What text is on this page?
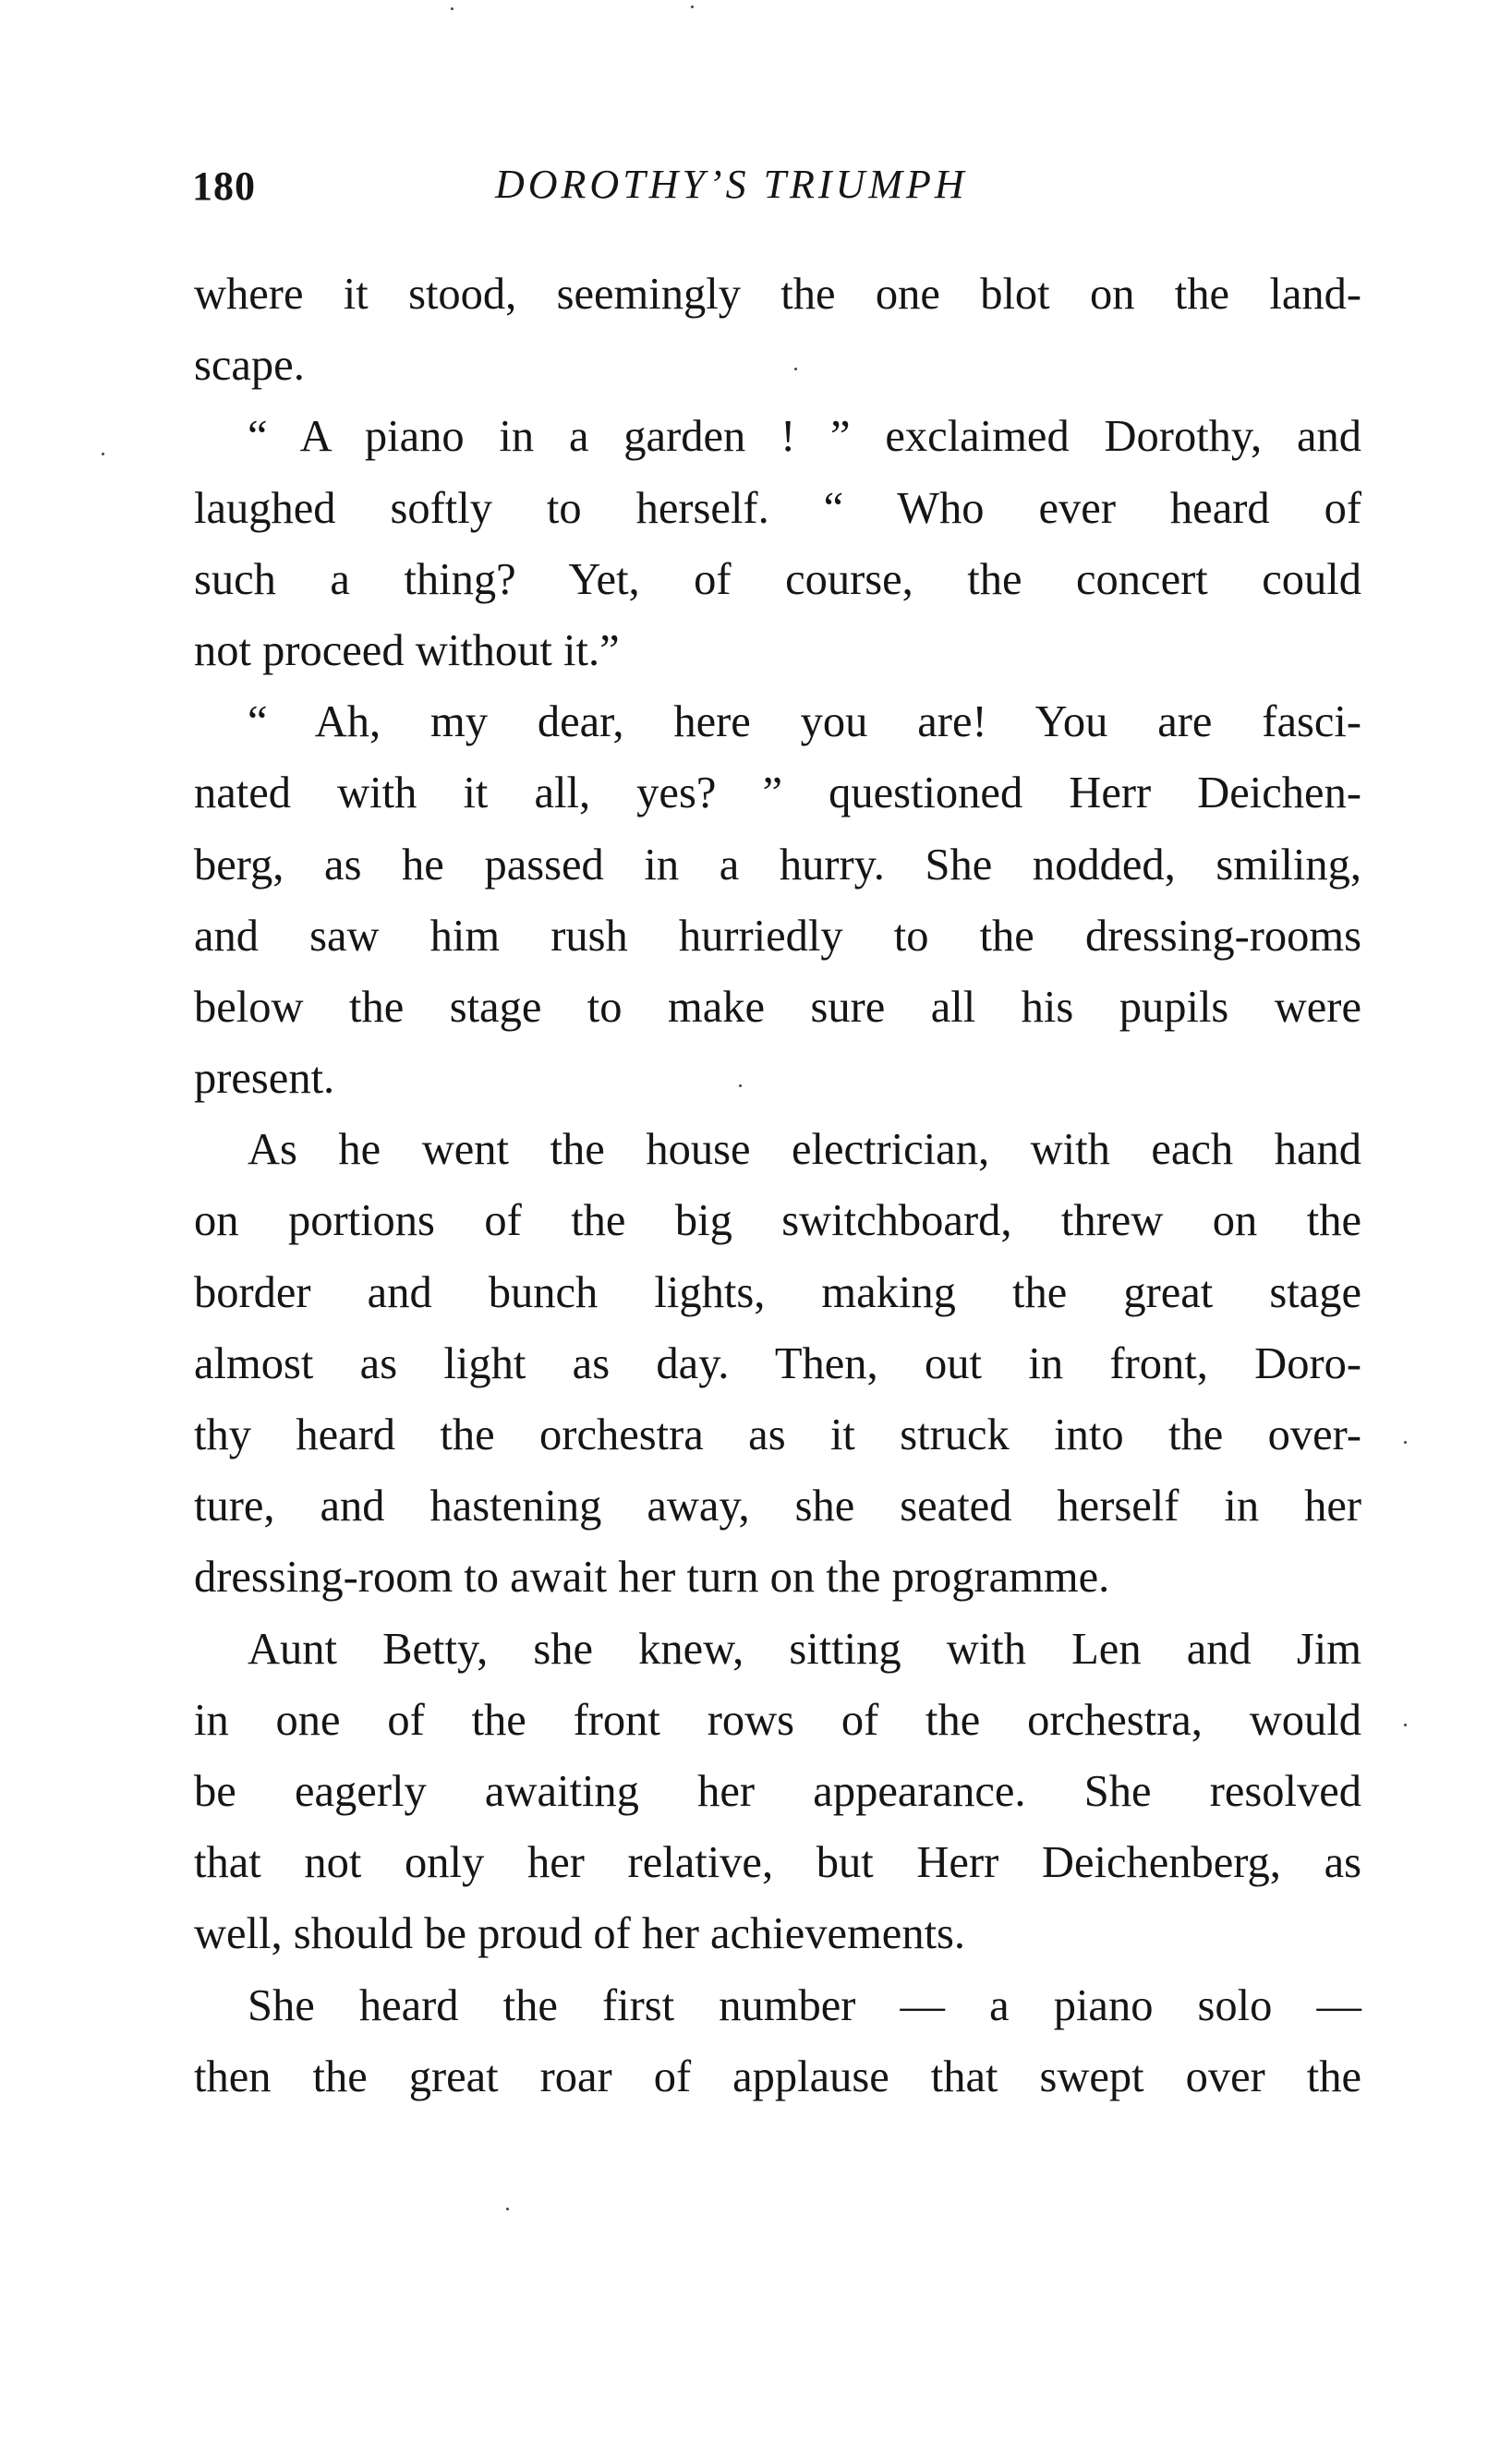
180	DOROTHY’S TRIUMPH
where it stood, seemingly the one blot on the land-
scape.
“ A piano in a garden ! ” exclaimed Dorothy, and
laughed softly to herself. “ Who ever heard of
such a thing? Yet, of course, the concert could
not proceed without it.”
“ Ah, my dear, here you are! You are fasci-
nated with it all, yes? ” questioned Herr Deichen-
berg, as he passed in a hurry. She nodded, smiling,
and saw him rush hurriedly to the dressing-rooms
below the stage to make sure all his pupils were
present.
As he went the house electrician, with each hand
on portions of the big switchboard, threw on the
border and bunch lights, making the great stage
almost as light as day. Then, out in front, Doro-
thy heard the orchestra as it struck into the over-
ture, and hastening away, she seated herself in her
dressing-room to await her turn on the programme.
Aunt Betty, she knew, sitting with Len and Jim
in one of the front rows of the orchestra, would
be eagerly awaiting her appearance. She resolved
that not only her relative, but Herr Deichenberg, as
well, should be proud of her achievements.
She heard the first number — a piano solo —
then the great roar of applause that swept over the
